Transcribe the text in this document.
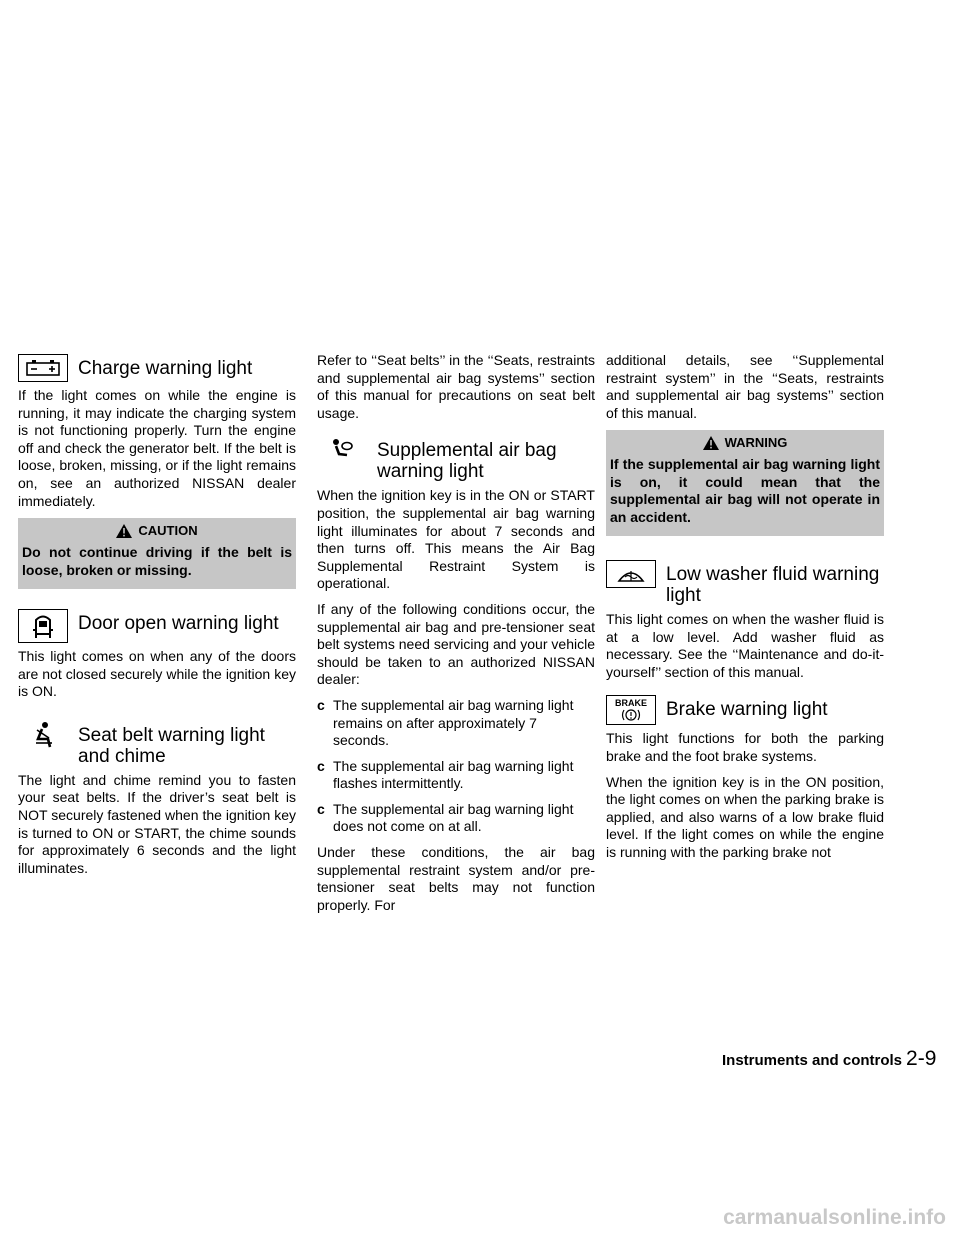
Charge warning light

If the light comes on while the engine is running, it may indicate the charging system is not functioning properly. Turn the engine off and check the generator belt. If the belt is loose, broken, missing, or if the light remains on, see an authorized NISSAN dealer immediately.

CAUTION
Do not continue driving if the belt is loose, broken or missing.
Door open warning light

This light comes on when any of the doors are not closed securely while the ignition key is ON.

Seat belt warning light and chime

The light and chime remind you to fasten your seat belts. If the driver’s seat belt is NOT securely fastened when the ignition key is turned to ON or START, the chime sounds for approximately 6 seconds and the light illuminates.

Refer to ‘‘Seat belts’’ in the ‘‘Seats, restraints and supplemental air bag systems’’ section of this manual for precautions on seat belt usage.

Supplemental air bag warning light

When the ignition key is in the ON or START position, the supplemental air bag warning light illuminates for about 7 seconds and then turns off. This means the Air Bag Supplemental Restraint System is operational.

If any of the following conditions occur, the supplemental air bag and pre-tensioner seat belt systems need servicing and your vehicle should be taken to an authorized NISSAN dealer:

c The supplemental air bag warning light remains on after approximately 7 seconds.
c The supplemental air bag warning light flashes intermittently.
c The supplemental air bag warning light does not come on at all.

Under these conditions, the air bag supplemental restraint system and/or pre-tensioner seat belts may not function properly. For

additional details, see ‘‘Supplemental restraint system’’ in the ‘‘Seats, restraints and supplemental air bag systems’’ section of this manual.

WARNING
If the supplemental air bag warning light is on, it could mean that the supplemental air bag will not operate in an accident.
Low washer fluid warning light

This light comes on when the washer fluid is at a low level. Add washer fluid as necessary. See the ‘‘Maintenance and do-it-yourself’’ section of this manual.

BRAKE Brake warning light

This light functions for both the parking brake and the foot brake systems.

When the ignition key is in the ON position, the light comes on when the parking brake is applied, and also warns of a low brake fluid level. If the light comes on while the engine is running with the parking brake not

Instruments and controls 2-9
carmanualsonline.info
